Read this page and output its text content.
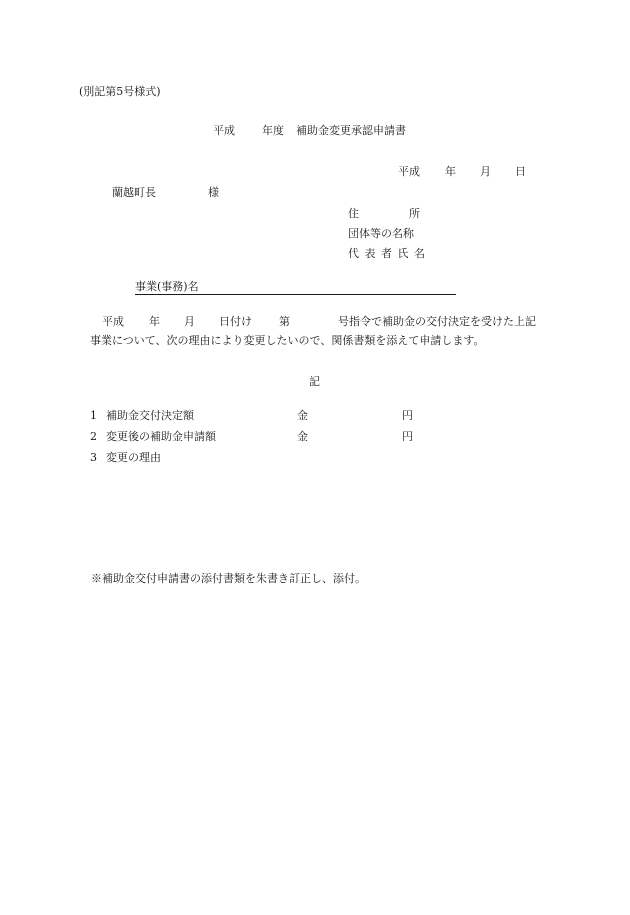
(別記第5号様式)
平成 年度 補助金変更承認申請書
平成 年 月 日
蘭越町長	様
住	所
団体等の名称
代 表 者 氏 名
事業(事務)名
平成 年 月 日付け 第	号指令で補助金の交付決定を受けた上記
事業について、次の理由により変更したいので、関係書類を添えて申請します。
記
1 補助金交付決定額	金	円
2 変更後の補助金申請額	金	円
3 変更の理由
※補助金交付申請書の添付書類を朱書き訂正し、添付。
